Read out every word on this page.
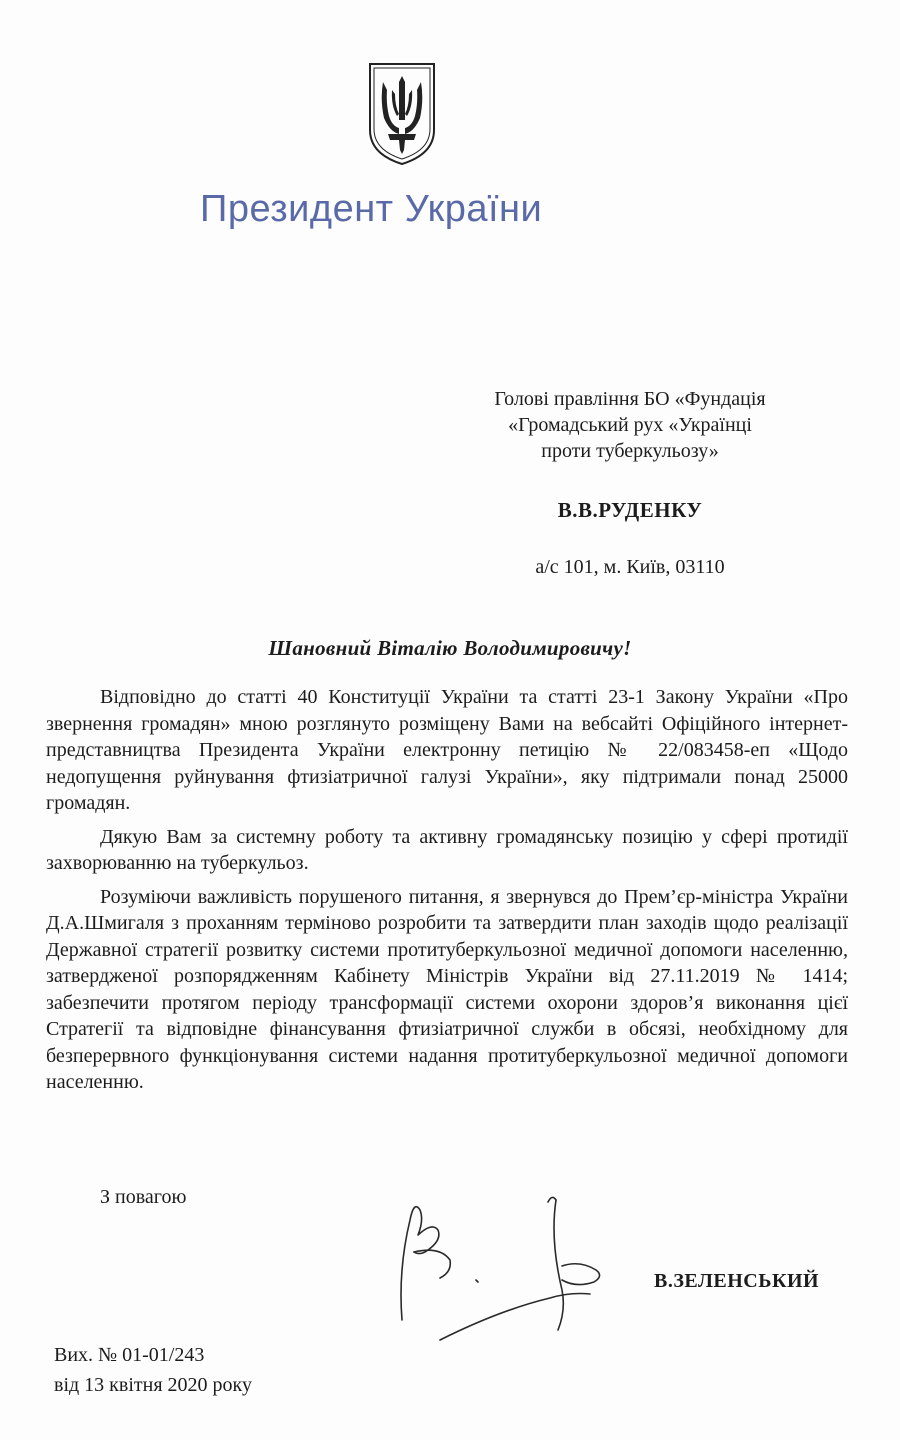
Президент України
Голові правління БО «Фундація
«Громадський рух «Українці
проти туберкульозу»
В.В.РУДЕНКУ
а/с 101, м. Київ, 03110
Шановний Віталію Володимировичу!

Відповідно до статті 40 Конституції України та статті 23-1 Закону України «Про звернення громадян» мною розглянуто розміщену Вами на вебсайті Офіційного інтернет-представництва Президента України електронну петицію № 22/083458-еп «Щодо недопущення руйнування фтизіатричної галузі України», яку підтримали понад 25000 громадян.

Дякую Вам за системну роботу та активну громадянську позицію у сфері протидії захворюванню на туберкульоз.

Розуміючи важливість порушеного питання, я звернувся до Прем’єр-міністра України Д.А.Шмигаля з проханням терміново розробити та затвердити план заходів щодо реалізації Державної стратегії розвитку системи протитуберкульозної медичної допомоги населенню, затвердженої розпорядженням Кабінету Міністрів України від 27.11.2019 № 1414; забезпечити протягом періоду трансформації системи охорони здоров’я виконання цієї Стратегії та відповідне фінансування фтизіатричної служби в обсязі, необхідному для безперервного функціонування системи надання протитуберкульозної медичної допомоги населенню.

З повагою
В.ЗЕЛЕНСЬКИЙ
Вих. № 01-01/243
від 13 квітня 2020 року
